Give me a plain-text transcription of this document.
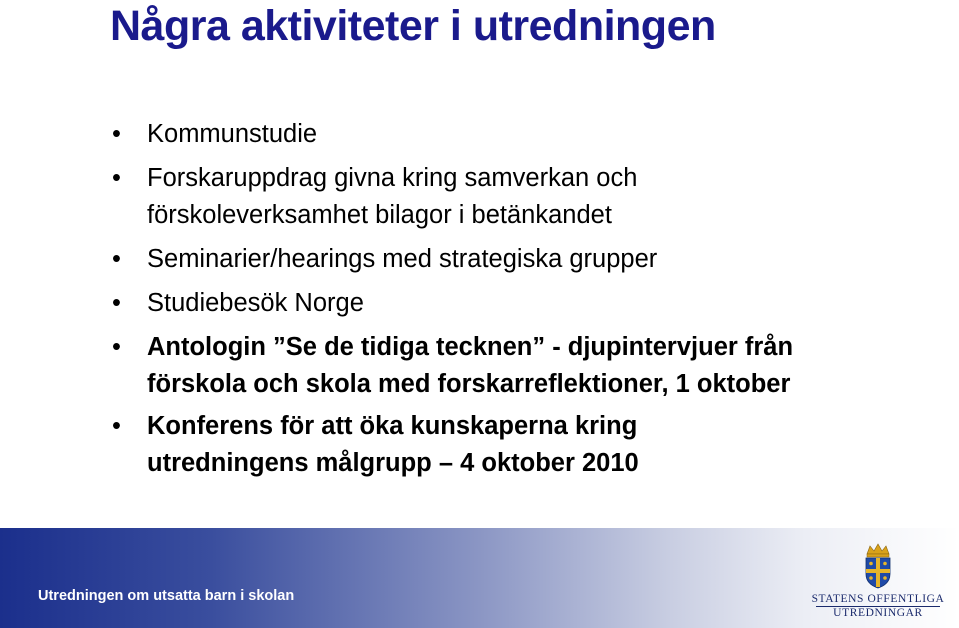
Några aktiviteter i utredningen
• Kommunstudie
• Forskaruppdrag givna kring samverkan och förskoleverksamhet bilagor i betänkandet
• Seminarier/hearings med strategiska grupper
• Studiebesök Norge
• Antologin ”Se de tidiga tecknen” - djupintervjuer från förskola och skola med forskarreflektioner, 1 oktober
• Konferens för att öka kunskaperna kring utredningens målgrupp – 4 oktober 2010
Utredningen om utsatta barn i skolan	STATENS OFFENTLIGA
UTREDNINGAR
